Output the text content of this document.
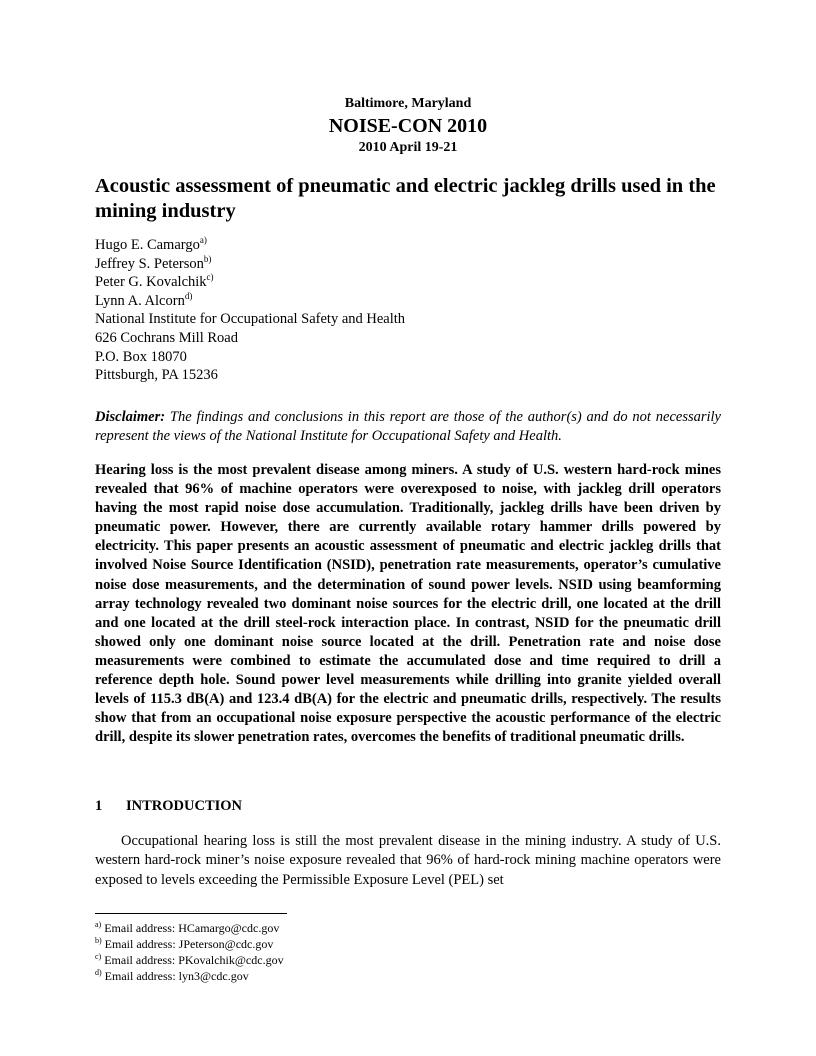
Baltimore, Maryland
NOISE-CON 2010
2010 April 19-21
Acoustic assessment of pneumatic and electric jackleg drills used in the mining industry
Hugo E. Camargo$^{a)}$
Jeffrey S. Peterson$^{b)}$
Peter G. Kovalchik$^{c)}$
Lynn A. Alcorn$^{d)}$
National Institute for Occupational Safety and Health
626 Cochrans Mill Road
P.O. Box 18070
Pittsburgh, PA 15236
Disclaimer: The findings and conclusions in this report are those of the author(s) and do not necessarily represent the views of the National Institute for Occupational Safety and Health.
Hearing loss is the most prevalent disease among miners. A study of U.S. western hard-rock mines revealed that 96% of machine operators were overexposed to noise, with jackleg drill operators having the most rapid noise dose accumulation. Traditionally, jackleg drills have been driven by pneumatic power. However, there are currently available rotary hammer drills powered by electricity. This paper presents an acoustic assessment of pneumatic and electric jackleg drills that involved Noise Source Identification (NSID), penetration rate measurements, operator’s cumulative noise dose measurements, and the determination of sound power levels. NSID using beamforming array technology revealed two dominant noise sources for the electric drill, one located at the drill and one located at the drill steel-rock interaction place. In contrast, NSID for the pneumatic drill showed only one dominant noise source located at the drill. Penetration rate and noise dose measurements were combined to estimate the accumulated dose and time required to drill a reference depth hole. Sound power level measurements while drilling into granite yielded overall levels of 115.3 dB(A) and 123.4 dB(A) for the electric and pneumatic drills, respectively. The results show that from an occupational noise exposure perspective the acoustic performance of the electric drill, despite its slower penetration rates, overcomes the benefits of traditional pneumatic drills.
1 INTRODUCTION
Occupational hearing loss is still the most prevalent disease in the mining industry. A study of U.S. western hard-rock miner’s noise exposure revealed that 96% of hard-rock mining machine operators were exposed to levels exceeding the Permissible Exposure Level (PEL) set
$^{a)}$ Email address: HCamargo@cdc.gov
$^{b)}$ Email address: JPeterson@cdc.gov
$^{c)}$ Email address: PKovalchik@cdc.gov
$^{d)}$ Email address: lyn3@cdc.gov
